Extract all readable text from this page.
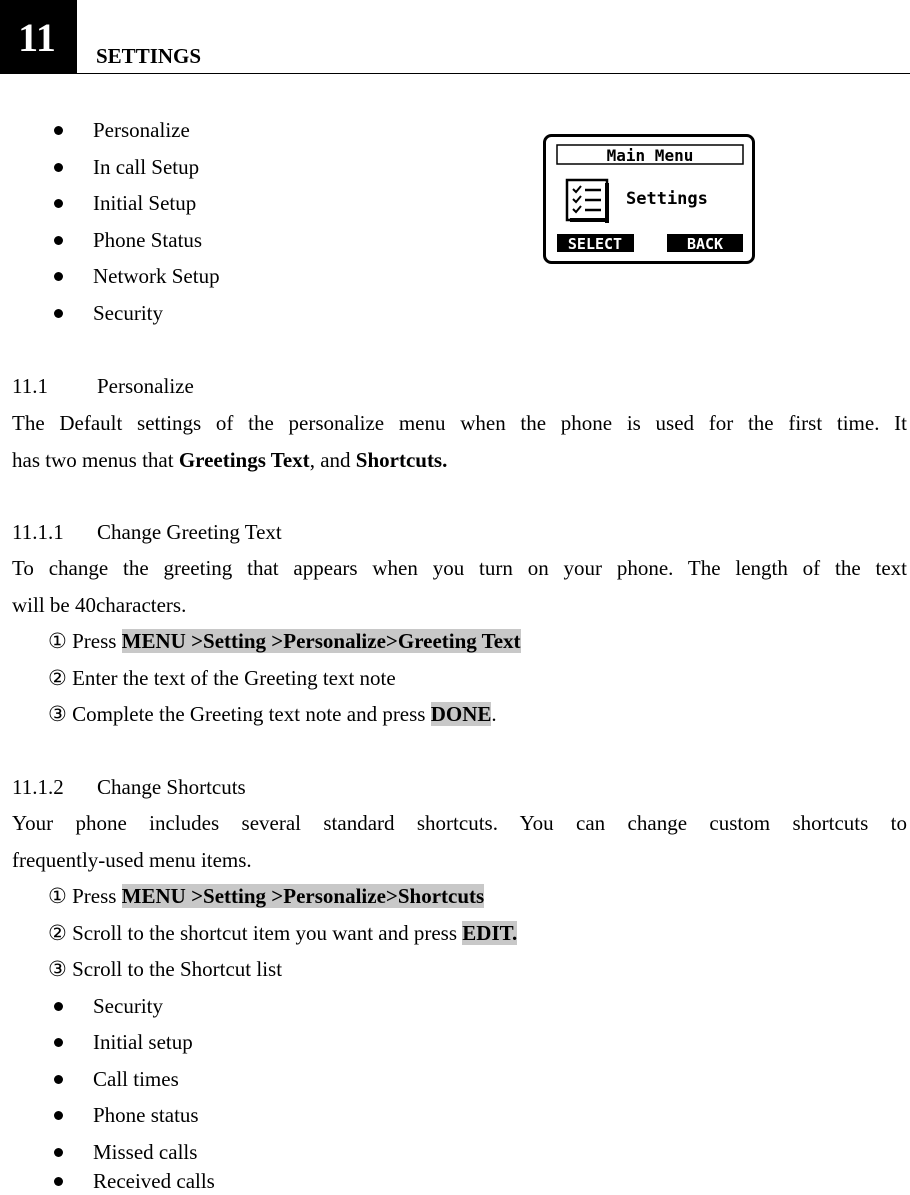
11	SETTINGS
Personalize
In call Setup
Initial Setup
Phone Status
Network Setup
Security
Main Menu
Settings
SELECT	BACK
11.1 Personalize
The Default settings of the personalize menu when the phone is used for the first time. It
has two menus that Greetings Text, and Shortcuts.
11.1.1 Change Greeting Text
To change the greeting that appears when you turn on your phone. The length of the text
will be 40characters.
① Press MENU >Setting >Personalize>Greeting Text
② Enter the text of the Greeting text note
③ Complete the Greeting text note and press DONE.
11.1.2 Change Shortcuts
Your phone includes several standard shortcuts. You can change custom shortcuts to
frequently-used menu items.
① Press MENU >Setting >Personalize>Shortcuts
② Scroll to the shortcut item you want and press EDIT.
③ Scroll to the Shortcut list
Security
Initial setup
Call times
Phone status
Missed calls
Received calls
